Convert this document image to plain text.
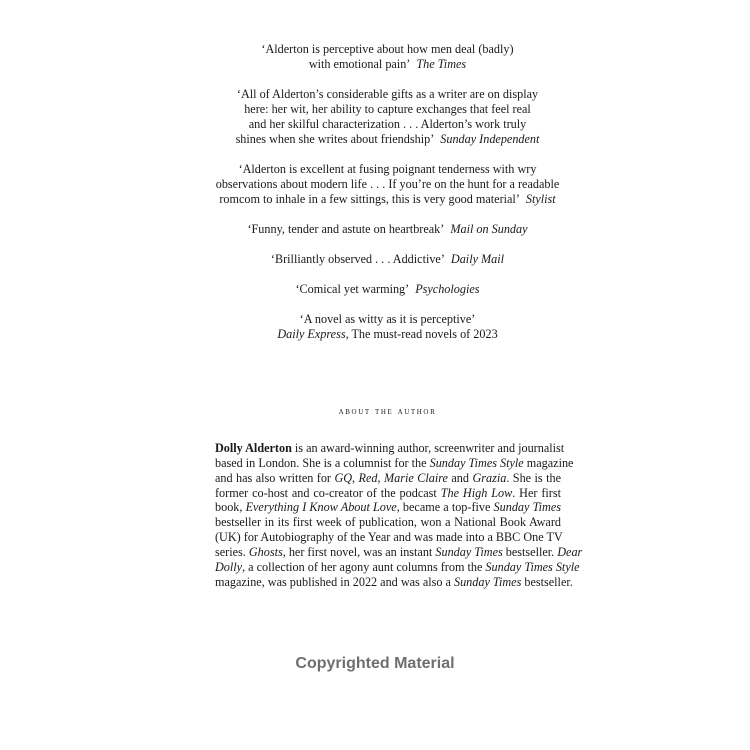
‘Alderton is perceptive about how men deal (badly)
with emotional pain’ The Times
‘All of Alderton’s considerable gifts as a writer are on display
here: her wit, her ability to capture exchanges that feel real
and her skilful characterization . . . Alderton’s work truly
shines when she writes about friendship’ Sunday Independent
‘Alderton is excellent at fusing poignant tenderness with wry
observations about modern life . . . If you’re on the hunt for a readable
romcom to inhale in a few sittings, this is very good material’ Stylist
‘Funny, tender and astute on heartbreak’ Mail on Sunday
‘Brilliantly observed . . . Addictive’ Daily Mail
‘Comical yet warming’ Psychologies
‘A novel as witty as it is perceptive’
Daily Express, The must-read novels of 2023
about the author
Dolly Alderton is an award-winning author, screenwriter and journalist
based in London. She is a columnist for the Sunday Times Style magazine
and has also written for GQ, Red, Marie Claire and Grazia. She is the
former co-host and co-creator of the podcast The High Low. Her first
book, Everything I Know About Love, became a top-five Sunday Times
bestseller in its first week of publication, won a National Book Award
(UK) for Autobiography of the Year and was made into a BBC One TV
series. Ghosts, her first novel, was an instant Sunday Times bestseller. Dear
Dolly, a collection of her agony aunt columns from the Sunday Times Style
magazine, was published in 2022 and was also a Sunday Times bestseller.
Copyrighted Material
